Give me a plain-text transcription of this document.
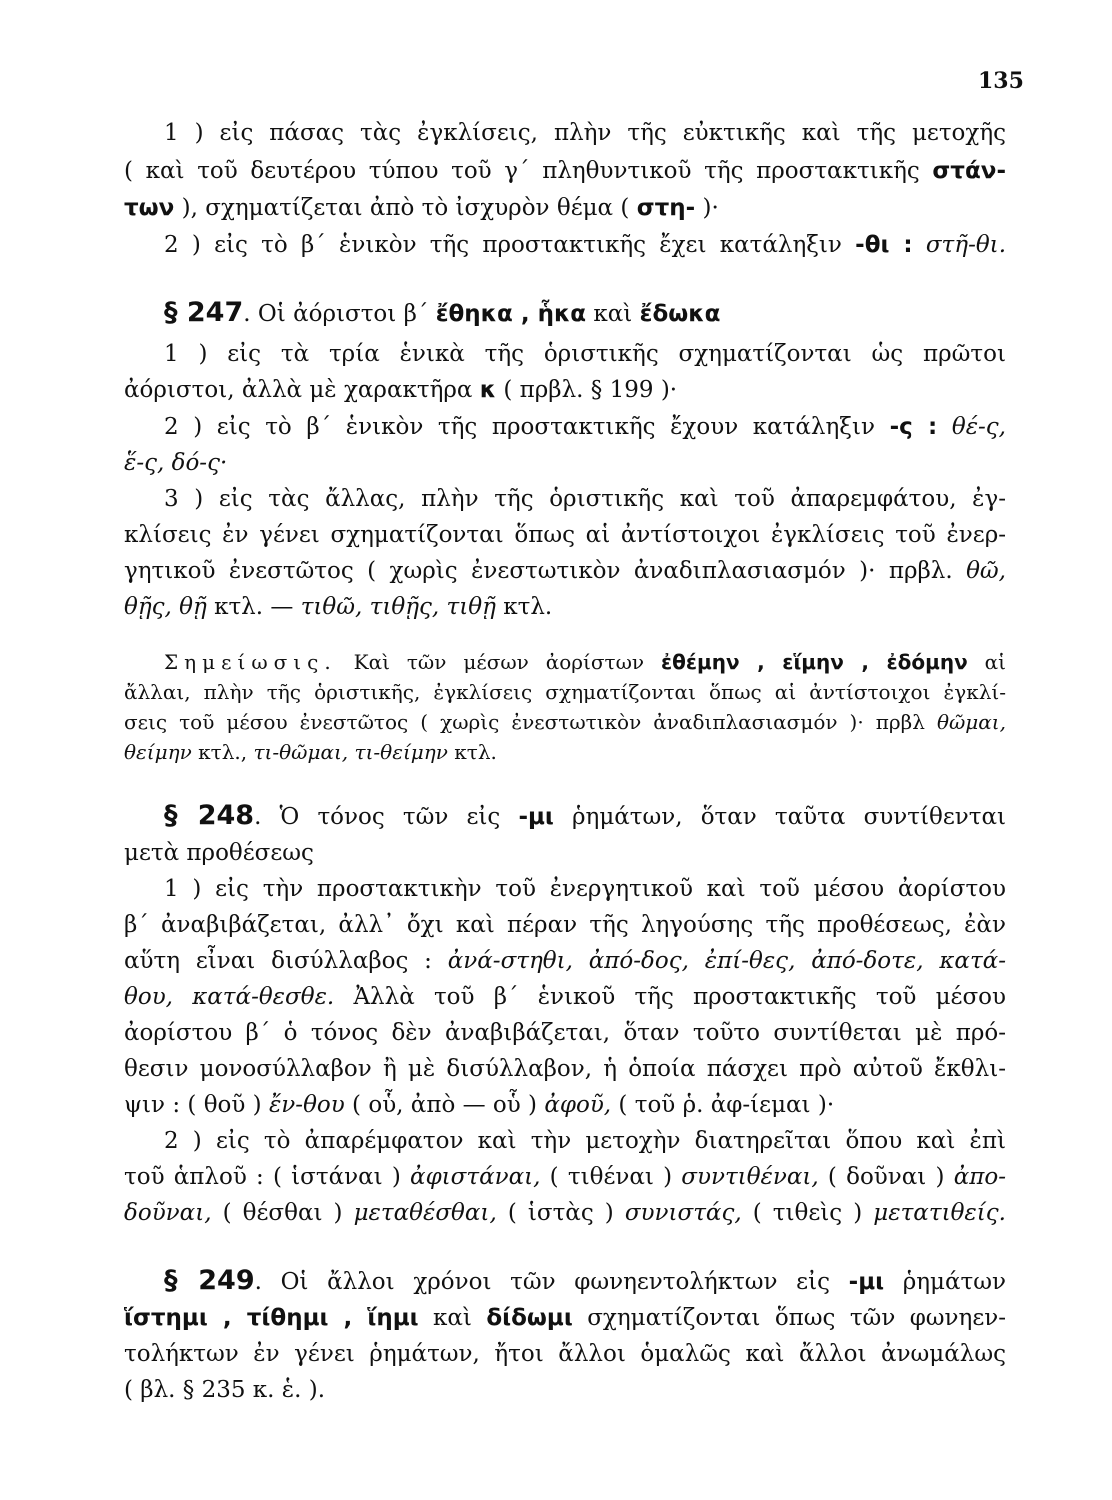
135
1 ) εἰς πάσας τὰς ἐγκλίσεις, πλὴν τῆς εὐκτικῆς καὶ τῆς μετοχῆς
( καὶ τοῦ δευτέρου τύπου τοῦ γ΄ πληθυντικοῦ τῆς προστακτικῆς στάν-
των ), σχηματίζεται ἀπὸ τὸ ἰσχυρὸν θέμα ( στη- )·
2 ) εἰς τὸ β΄ ἑνικὸν τῆς προστακτικῆς ἔχει κατάληξιν -θι : στῆ-θι.
§ 247. Οἱ ἀόριστοι β΄ ἔθηκα , ἧκα καὶ ἔδωκα
1 ) εἰς τὰ τρία ἑνικὰ τῆς ὁριστικῆς σχηματίζονται ὡς πρῶτοι
ἀόριστοι, ἀλλὰ μὲ χαρακτῆρα κ ( πρβλ. § 199 )·
2 ) εἰς τὸ β΄ ἑνικὸν τῆς προστακτικῆς ἔχουν κατάληξιν -ς : θέ-ς,
ἕ-ς, δό-ς·
3 ) εἰς τὰς ἄλλας, πλὴν τῆς ὁριστικῆς καὶ τοῦ ἀπαρεμφάτου, ἐγ-
κλίσεις ἐν γένει σχηματίζονται ὅπως αἱ ἀντίστοιχοι ἐγκλίσεις τοῦ ἐνερ-
γητικοῦ ἐνεστῶτος ( χωρὶς ἐνεστωτικὸν ἀναδιπλασιασμόν )· πρβλ. θῶ,
θῇς, θῇ κτλ. — τιθῶ, τιθῇς, τιθῇ κτλ.
Σημείωσις. Καὶ τῶν μέσων ἀορίστων ἐθέμην , εἵμην , ἐδόμην αἱ
ἄλλαι, πλὴν τῆς ὁριστικῆς, ἐγκλίσεις σχηματίζονται ὅπως αἱ ἀντίστοιχοι ἐγκλί-
σεις τοῦ μέσου ἐνεστῶτος ( χωρὶς ἐνεστωτικὸν ἀναδιπλασιασμόν )· πρβλ θῶμαι,
θείμην κτλ., τι-θῶμαι, τι-θείμην κτλ.
§ 248. Ὁ τόνος τῶν εἰς -μι ῥημάτων, ὅταν ταῦτα συντίθενται
μετὰ προθέσεως
1 ) εἰς τὴν προστακτικὴν τοῦ ἐνεργητικοῦ καὶ τοῦ μέσου ἀορίστου
β΄ ἀναβιβάζεται, ἀλλ᾽ ὄχι καὶ πέραν τῆς ληγούσης τῆς προθέσεως, ἐὰν
αὕτη εἶναι δισύλλαβος : ἀνά-στηθι, ἀπό-δος, ἐπί-θες, ἀπό-δοτε, κατά-
θου, κατά-θεσθε. Ἀλλὰ τοῦ β΄ ἑνικοῦ τῆς προστακτικῆς τοῦ μέσου
ἀορίστου β΄ ὁ τόνος δὲν ἀναβιβάζεται, ὅταν τοῦτο συντίθεται μὲ πρό-
θεσιν μονοσύλλαβον ἢ μὲ δισύλλαβον, ἡ ὁποία πάσχει πρὸ αὐτοῦ ἔκθλι-
ψιν : ( θοῦ ) ἔν-θου ( οὗ, ἀπὸ — οὗ ) ἀφοῦ, ( τοῦ ῥ. ἀφ-ίεμαι )·
2 ) εἰς τὸ ἀπαρέμφατον καὶ τὴν μετοχὴν διατηρεῖται ὅπου καὶ ἐπὶ
τοῦ ἁπλοῦ : ( ἱστάναι ) ἀφιστάναι, ( τιθέναι ) συντιθέναι, ( δοῦναι ) ἀπο-
δοῦναι, ( θέσθαι ) μεταθέσθαι, ( ἱστὰς ) συνιστάς, ( τιθεὶς ) μετατιθείς.
§ 249. Οἱ ἄλλοι χρόνοι τῶν φωνηεντολήκτων εἰς -μι ῥημάτων
ἵστημι , τίθημι , ἵημι καὶ δίδωμι σχηματίζονται ὅπως τῶν φωνηεν-
τολήκτων ἐν γένει ῥημάτων, ἤτοι ἄλλοι ὁμαλῶς καὶ ἄλλοι ἀνωμάλως
( βλ. § 235 κ. ἑ. ).
